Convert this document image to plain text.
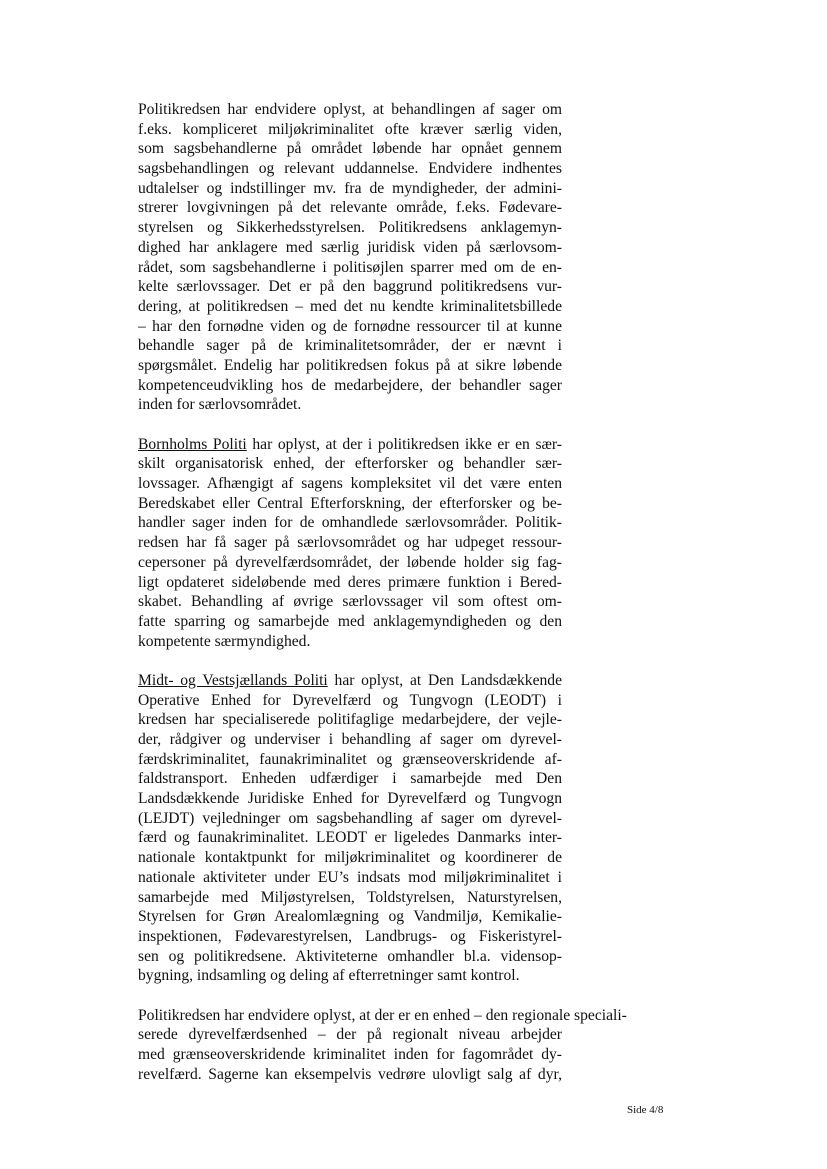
Politikredsen har endvidere oplyst, at behandlingen af sager om
f.eks. kompliceret miljøkriminalitet ofte kræver særlig viden,
som sagsbehandlerne på området løbende har opnået gennem
sagsbehandlingen og relevant uddannelse. Endvidere indhentes
udtalelser og indstillinger mv. fra de myndigheder, der admini-
strerer lovgivningen på det relevante område, f.eks. Fødevare-
styrelsen og Sikkerhedsstyrelsen. Politikredsens anklagemyn-
dighed har anklagere med særlig juridisk viden på særlovsom-
rådet, som sagsbehandlerne i politisøjlen sparrer med om de en-
kelte særlovssager. Det er på den baggrund politikredsens vur-
dering, at politikredsen – med det nu kendte kriminalitetsbillede
– har den fornødne viden og de fornødne ressourcer til at kunne
behandle sager på de kriminalitetsområder, der er nævnt i
spørgsmålet. Endelig har politikredsen fokus på at sikre løbende
kompetenceudvikling hos de medarbejdere, der behandler sager
inden for særlovsområdet.
Bornholms Politi har oplyst, at der i politikredsen ikke er en sær-
skilt organisatorisk enhed, der efterforsker og behandler sær-
lovssager. Afhængigt af sagens kompleksitet vil det være enten
Beredskabet eller Central Efterforskning, der efterforsker og be-
handler sager inden for de omhandlede særlovsområder. Politik-
redsen har få sager på særlovsområdet og har udpeget ressour-
cepersoner på dyrevelfærdsområdet, der løbende holder sig fag-
ligt opdateret sideløbende med deres primære funktion i Bered-
skabet. Behandling af øvrige særlovssager vil som oftest om-
fatte sparring og samarbejde med anklagemyndigheden og den
kompetente særmyndighed.
Midt- og Vestsjællands Politi har oplyst, at Den Landsdækkende
Operative Enhed for Dyrevelfærd og Tungvogn (LEODT) i
kredsen har specialiserede politifaglige medarbejdere, der vejle-
der, rådgiver og underviser i behandling af sager om dyrevel-
færdskriminalitet, faunakriminalitet og grænseoverskridende af-
faldstransport. Enheden udfærdiger i samarbejde med Den
Landsdækkende Juridiske Enhed for Dyrevelfærd og Tungvogn
(LEJDT) vejledninger om sagsbehandling af sager om dyrevel-
færd og faunakriminalitet. LEODT er ligeledes Danmarks inter-
nationale kontaktpunkt for miljøkriminalitet og koordinerer de
nationale aktiviteter under EU’s indsats mod miljøkriminalitet i
samarbejde med Miljøstyrelsen, Toldstyrelsen, Naturstyrelsen,
Styrelsen for Grøn Arealomlægning og Vandmiljø, Kemikalie-
inspektionen, Fødevarestyrelsen, Landbrugs- og Fiskeristyrel-
sen og politikredsene. Aktiviteterne omhandler bl.a. vidensop-
bygning, indsamling og deling af efterretninger samt kontrol.
Politikredsen har endvidere oplyst, at der er en enhed – den regionale speciali-
serede dyrevelfærdsenhed – der på regionalt niveau arbejder
med grænseoverskridende kriminalitet inden for fagområdet dy-
revelfærd. Sagerne kan eksempelvis vedrøre ulovligt salg af dyr,
Side 4/8
